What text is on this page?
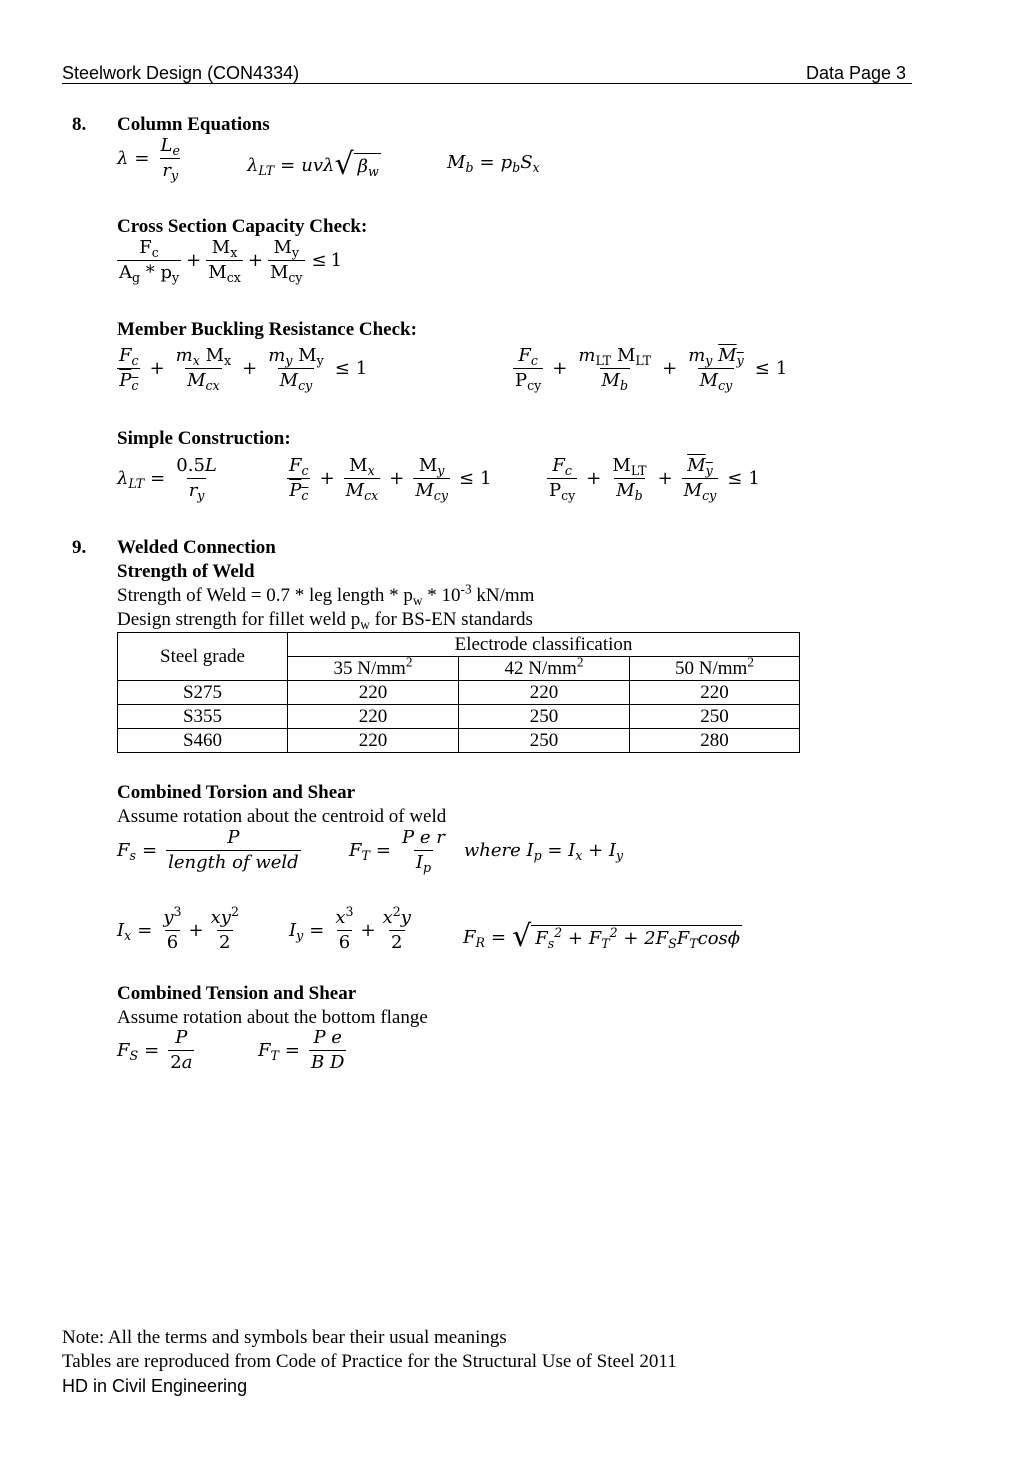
Steelwork Design (CON4334)	Data Page 3
8. Column Equations
$\lambda = \frac{L_e}{r_y}$	$\lambda_{LT} = uv\lambda$ √ $\beta_w$	$M_b = p_bS_x$
Cross Section Capacity Check:
$\frac{F_c}{A_g * p_y} + \frac{M_x}{M_{cx}} + \frac{M_y}{M_{cy}} \le 1$
Member Buckling Resistance Check:
$\frac{F_c}{P_c} + \frac{m_x M_x}{M_{cx}} + \frac{m_y M_y}{M_{cy}} \le 1$	$\frac{F_c}{P_{cy}} + \frac{m_{LT} M_{LT}}{M_b} + \frac{m_y M_y}{M_{cy}} \le 1$
Simple Construction:
$\lambda_{LT} = \frac{0.5L}{r_y}$	$\frac{F_c}{P_c} + \frac{M_x}{M_{cx}} + \frac{M_y}{M_{cy}} \le 1$	$\frac{F_c}{P_{cy}} + \frac{M_{LT}}{M_b} + \frac{M_y}{M_{cy}} \le 1$
9. Welded Connection
Strength of Weld
Strength of Weld = 0.7 * leg length * $p_w * 10^{-3}$ kN/mm
Design strength for fillet weld $p_w$ for BS-EN standards
Steel grade	Electrode classification		
	35 $N/mm^2$	42 $N/mm^2$	50 $N/mm^2$
S275	220	220	220
S355	220	250	250
S460	220	250	280
Combined Torsion and Shear
Assume rotation about the centroid of weld
$F_s = \frac{P}{\text{length of weld}}$	$F_T = \frac{\text{P e r}}{I_p}$ where $I_p = I_x + I_y$
$I_x = \frac{y^3}{6} + \frac{xy^2}{2}$	$I_y = \frac{x^3}{6} + \frac{x^2y}{2}$	$F_R$ = √ $F_s^2 + F_T^2 + 2F_SF_T\cos\phi$
Combined Tension and Shear
Assume rotation about the bottom flange
$F_S = \frac{P}{2a}$	$F_T = \frac{\text{P e}}{\text{B D}}$
Note: All the terms and symbols bear their usual meanings
Tables are reproduced from Code of Practice for the Structural Use of Steel 2011
HD in Civil Engineering
